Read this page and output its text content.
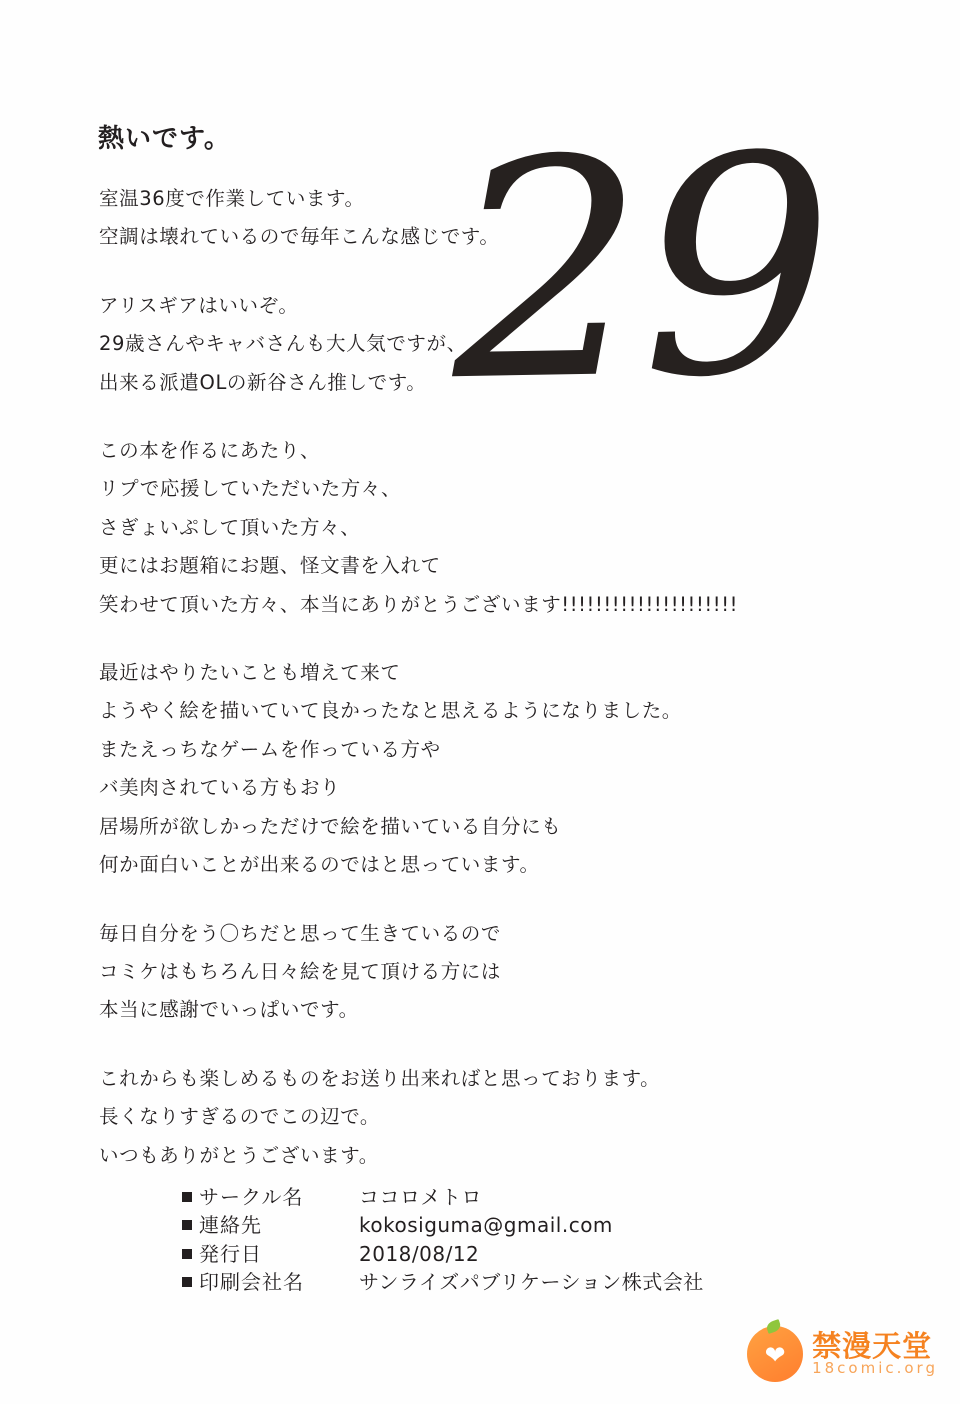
熱いです。 29
室温36度で作業しています。
空調は壊れているので毎年こんな感じです。
アリスギアはいいぞ。
29歳さんやキャバさんも大人気ですが、
出来る派遣OLの新谷さん推しです。
この本を作るにあたり、
リプで応援していただいた方々、
さぎょいぷして頂いた方々、
更にはお題箱にお題、怪文書を入れて
笑わせて頂いた方々、本当にありがとうございます!!!!!!!!!!!!!!!!!!!!!
最近はやりたいことも増えて来て
ようやく絵を描いていて良かったなと思えるようになりました。
またえっちなゲームを作っている方や
バ美肉されている方もおり
居場所が欲しかっただけで絵を描いている自分にも
何か面白いことが出来るのではと思っています。
毎日自分をう〇ちだと思って生きているので
コミケはもちろん日々絵を見て頂ける方には
本当に感謝でいっぱいです。
これからも楽しめるものをお送り出来ればと思っております。
長くなりすぎるのでこの辺で。
いつもありがとうございます。
サークル名	ココロメトロ
連絡先	kokosiguma@gmail.com
発行日	2018/08/12
印刷会社名	サンライズパブリケーション株式会社
❤ 禁漫天堂
18comic.org
